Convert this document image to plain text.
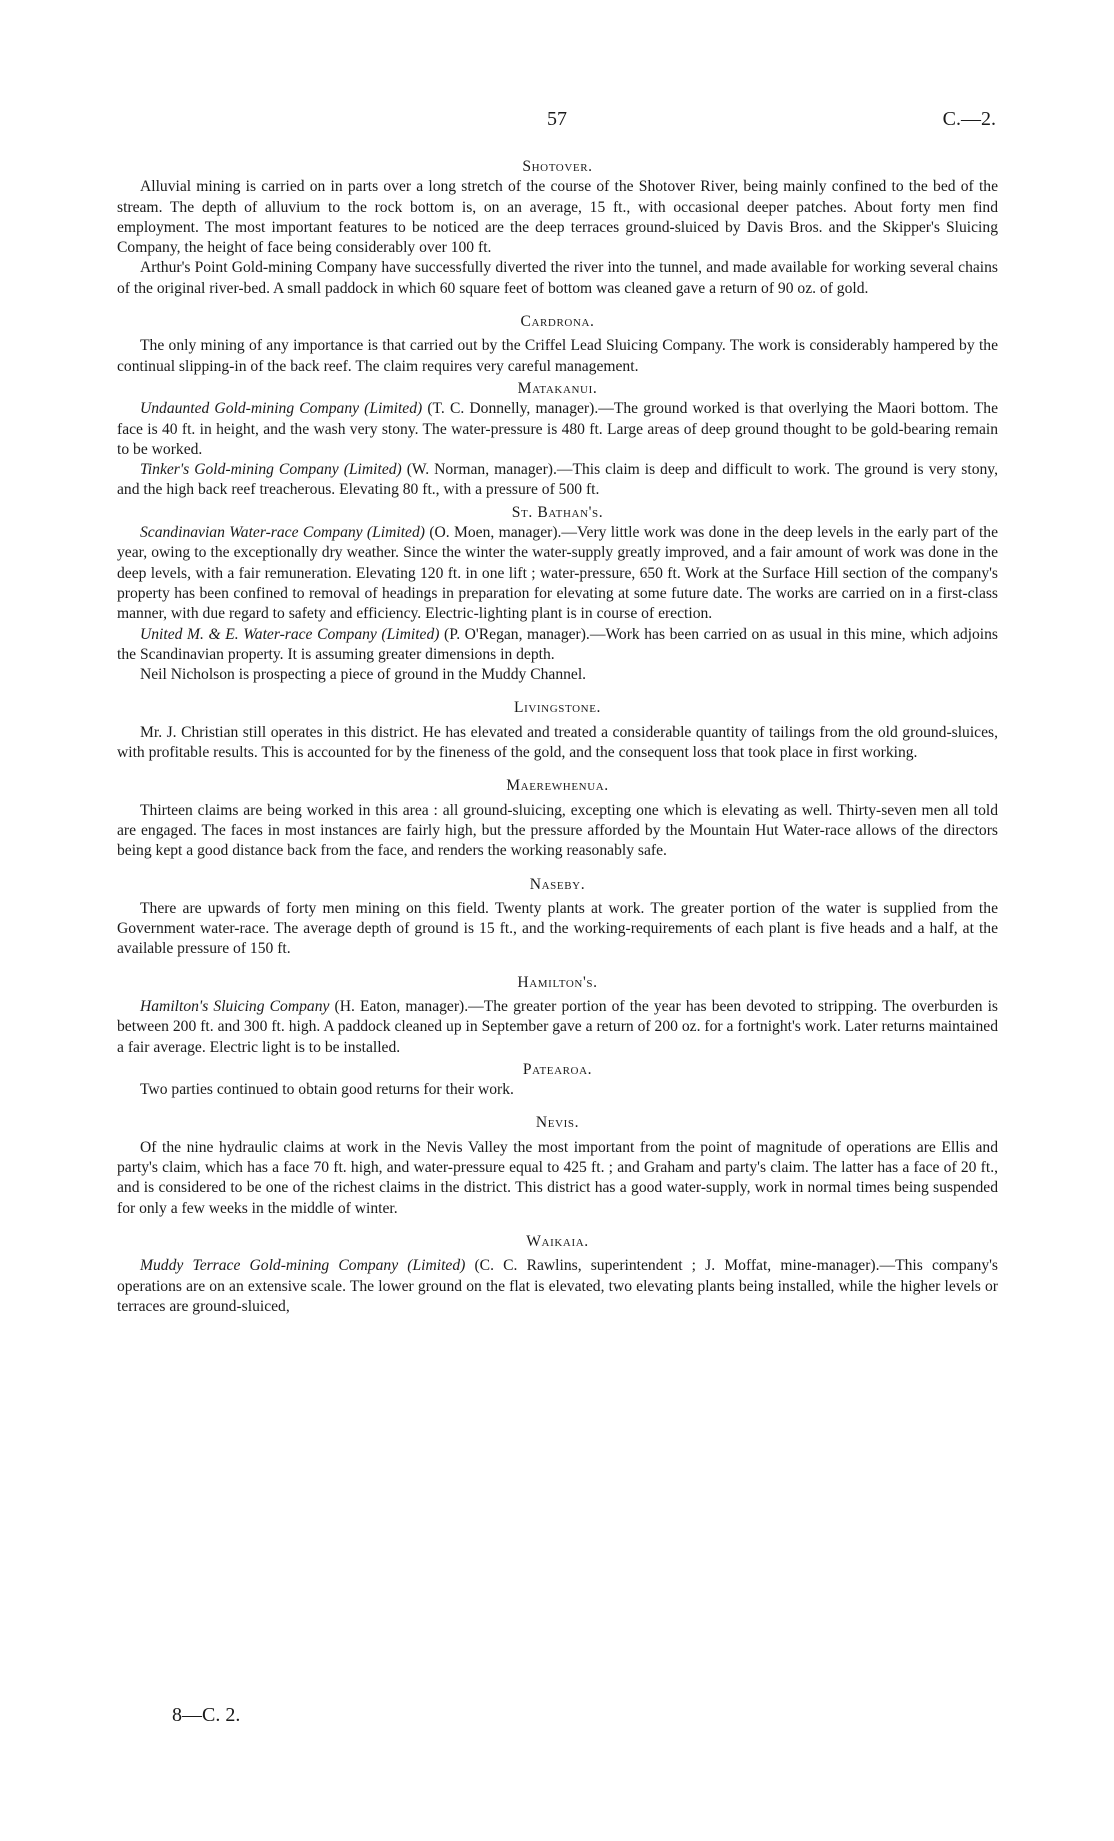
57	C.—2.
Shotover.

Alluvial mining is carried on in parts over a long stretch of the course of the Shotover River, being mainly confined to the bed of the stream. The depth of alluvium to the rock bottom is, on an average, 15 ft., with occasional deeper patches. About forty men find employment. The most important features to be noticed are the deep terraces ground-sluiced by Davis Bros. and the Skipper's Sluicing Company, the height of face being considerably over 100 ft.

Arthur's Point Gold-mining Company have successfully diverted the river into the tunnel, and made available for working several chains of the original river-bed. A small paddock in which 60 square feet of bottom was cleaned gave a return of 90 oz. of gold.

Cardrona.

The only mining of any importance is that carried out by the Criffel Lead Sluicing Company. The work is considerably hampered by the continual slipping-in of the back reef. The claim requires very careful management.

Matakanui.

Undaunted Gold-mining Company (Limited) (T. C. Donnelly, manager).—The ground worked is that overlying the Maori bottom. The face is 40 ft. in height, and the wash very stony. The water-pressure is 480 ft. Large areas of deep ground thought to be gold-bearing remain to be worked.

Tinker's Gold-mining Company (Limited) (W. Norman, manager).—This claim is deep and difficult to work. The ground is very stony, and the high back reef treacherous. Elevating 80 ft., with a pressure of 500 ft.

St. Bathan's.

Scandinavian Water-race Company (Limited) (O. Moen, manager).—Very little work was done in the deep levels in the early part of the year, owing to the exceptionally dry weather. Since the winter the water-supply greatly improved, and a fair amount of work was done in the deep levels, with a fair remuneration. Elevating 120 ft. in one lift ; water-pressure, 650 ft. Work at the Surface Hill section of the company's property has been confined to removal of headings in preparation for elevating at some future date. The works are carried on in a first-class manner, with due regard to safety and efficiency. Electric-lighting plant is in course of erection.

United M. & E. Water-race Company (Limited) (P. O'Regan, manager).—Work has been carried on as usual in this mine, which adjoins the Scandinavian property. It is assuming greater dimensions in depth.

Neil Nicholson is prospecting a piece of ground in the Muddy Channel.

Livingstone.

Mr. J. Christian still operates in this district. He has elevated and treated a considerable quantity of tailings from the old ground-sluices, with profitable results. This is accounted for by the fineness of the gold, and the consequent loss that took place in first working.

Maerewhenua.

Thirteen claims are being worked in this area : all ground-sluicing, excepting one which is elevating as well. Thirty-seven men all told are engaged. The faces in most instances are fairly high, but the pressure afforded by the Mountain Hut Water-race allows of the directors being kept a good distance back from the face, and renders the working reasonably safe.

Naseby.

There are upwards of forty men mining on this field. Twenty plants at work. The greater portion of the water is supplied from the Government water-race. The average depth of ground is 15 ft., and the working-requirements of each plant is five heads and a half, at the available pressure of 150 ft.

Hamilton's.

Hamilton's Sluicing Company (H. Eaton, manager).—The greater portion of the year has been devoted to stripping. The overburden is between 200 ft. and 300 ft. high. A paddock cleaned up in September gave a return of 200 oz. for a fortnight's work. Later returns maintained a fair average. Electric light is to be installed.

Patearoa.

Two parties continued to obtain good returns for their work.

Nevis.

Of the nine hydraulic claims at work in the Nevis Valley the most important from the point of magnitude of operations are Ellis and party's claim, which has a face 70 ft. high, and water-pressure equal to 425 ft. ; and Graham and party's claim. The latter has a face of 20 ft., and is considered to be one of the richest claims in the district. This district has a good water-supply, work in normal times being suspended for only a few weeks in the middle of winter.

Waikaia.

Muddy Terrace Gold-mining Company (Limited) (C. C. Rawlins, superintendent ; J. Moffat, mine-manager).—This company's operations are on an extensive scale. The lower ground on the flat is elevated, two elevating plants being installed, while the higher levels or terraces are ground-sluiced,

8—C. 2.
